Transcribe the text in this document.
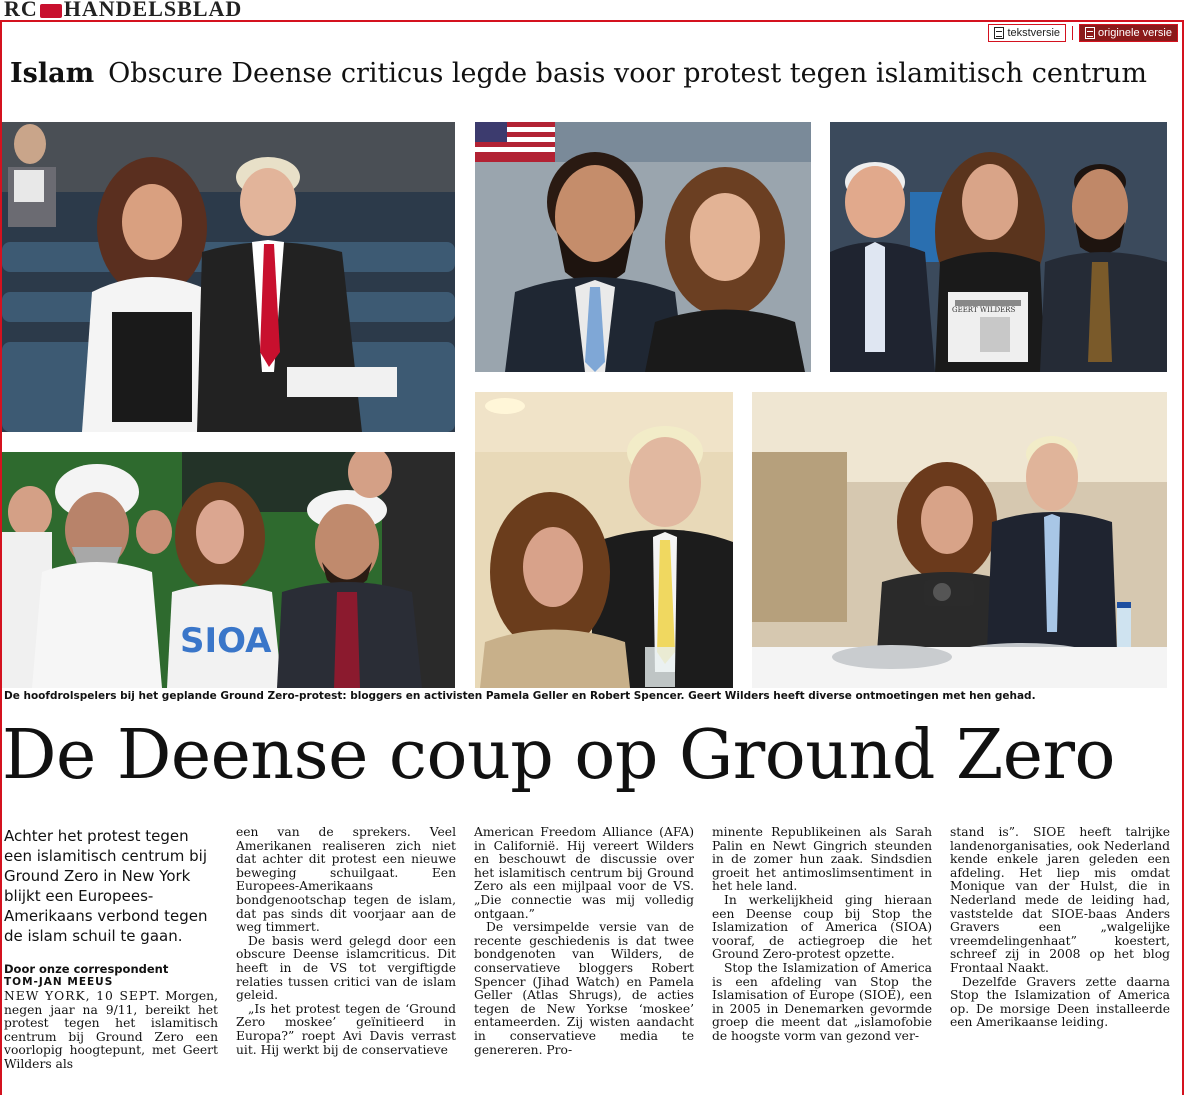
RC HANDELSBLAD
tekstversie	originele versie
Islam Obscure Deense criticus legde basis voor protest tegen islamitisch centrum
GEERT WILDERS
SIOA
De hoofdrolspelers bij het geplande Ground Zero-protest: bloggers en activisten Pamela Geller en Robert Spencer. Geert Wilders heeft diverse ontmoetingen met hen gehad.
De Deense coup op Ground Zero
Achter het protest tegen een islamitisch centrum bij Ground Zero in New York blijkt een Europees-Amerikaans verbond tegen de islam schuil te gaan.
Door onze correspondent
TOM-JAN MEEUS

NEW YORK, 10 SEPT. Morgen, negen jaar na 9/11, bereikt het protest tegen het islamitisch centrum bij Ground Zero een voorlopig hoogtepunt, met Geert Wilders als

een van de sprekers. Veel Amerikanen realiseren zich niet dat achter dit protest een nieuwe beweging schuilgaat. Een Europees-Amerikaans bondgenootschap tegen de islam, dat pas sinds dit voorjaar aan de weg timmert.

De basis werd gelegd door een obscure Deense islamcriticus. Dit heeft in de VS tot vergiftigde relaties tussen critici van de islam geleid.

„Is het protest tegen de ‘Ground Zero moskee’ geïnitieerd in Europa?” roept Avi Davis verrast uit. Hij werkt bij de conservatieve

American Freedom Alliance (AFA) in Californië. Hij vereert Wilders en beschouwt de discussie over het islamitisch centrum bij Ground Zero als een mijlpaal voor de VS. „Die connectie was mij volledig ontgaan.”

De versimpelde versie van de recente geschiedenis is dat twee bondgenoten van Wilders, de conservatieve bloggers Robert Spencer (Jihad Watch) en Pamela Geller (Atlas Shrugs), de acties tegen de New Yorkse ‘moskee’ entameerden. Zij wisten aandacht in conservatieve media te genereren. Pro-

minente Republikeinen als Sarah Palin en Newt Gingrich steunden in de zomer hun zaak. Sindsdien groeit het antimoslimsentiment in het hele land.

In werkelijkheid ging hieraan een Deense coup bij Stop the Islamization of America (SIOA) vooraf, de actiegroep die het Ground Zero-protest opzette.

Stop the Islamization of America is een afdeling van Stop the Islamisation of Europe (SIOE), een in 2005 in Denemarken gevormde groep die meent dat „islamofobie de hoogste vorm van gezond ver-

stand is”. SIOE heeft talrijke landenorganisaties, ook Nederland kende enkele jaren geleden een afdeling. Het liep mis omdat Monique van der Hulst, die in Nederland mede de leiding had, vaststelde dat SIOE-baas Anders Gravers een „walgelijke vreemdelingenhaat” koestert, schreef zij in 2008 op het blog Frontaal Naakt.

Dezelfde Gravers zette daarna Stop the Islamization of America op. De morsige Deen installeerde een Amerikaanse leiding.
